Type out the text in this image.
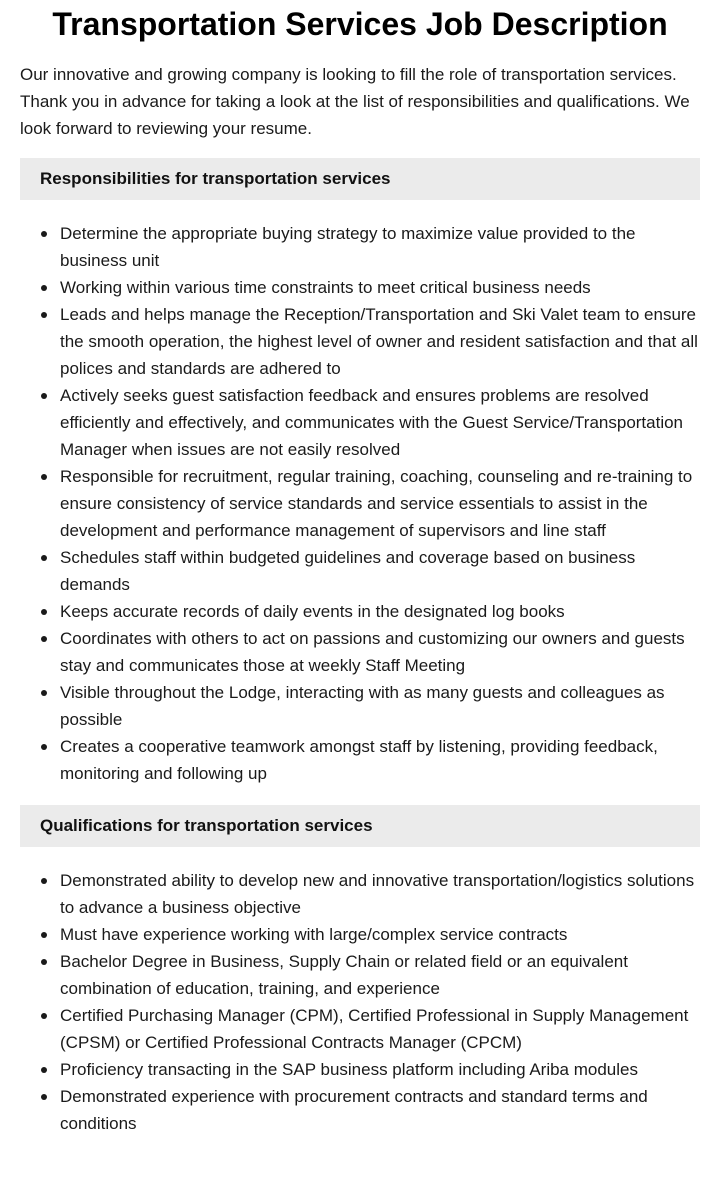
Transportation Services Job Description

Our innovative and growing company is looking to fill the role of transportation services. Thank you in advance for taking a look at the list of responsibilities and qualifications. We look forward to reviewing your resume.

Responsibilities for transportation services
Determine the appropriate buying strategy to maximize value provided to the business unit
Working within various time constraints to meet critical business needs
Leads and helps manage the Reception/Transportation and Ski Valet team to ensure the smooth operation, the highest level of owner and resident satisfaction and that all polices and standards are adhered to
Actively seeks guest satisfaction feedback and ensures problems are resolved efficiently and effectively, and communicates with the Guest Service/Transportation Manager when issues are not easily resolved
Responsible for recruitment, regular training, coaching, counseling and re-training to ensure consistency of service standards and service essentials to assist in the development and performance management of supervisors and line staff
Schedules staff within budgeted guidelines and coverage based on business demands
Keeps accurate records of daily events in the designated log books
Coordinates with others to act on passions and customizing our owners and guests stay and communicates those at weekly Staff Meeting
Visible throughout the Lodge, interacting with as many guests and colleagues as possible
Creates a cooperative teamwork amongst staff by listening, providing feedback, monitoring and following up
Qualifications for transportation services
Demonstrated ability to develop new and innovative transportation/logistics solutions to advance a business objective
Must have experience working with large/complex service contracts
Bachelor Degree in Business, Supply Chain or related field or an equivalent combination of education, training, and experience
Certified Purchasing Manager (CPM), Certified Professional in Supply Management (CPSM) or Certified Professional Contracts Manager (CPCM)
Proficiency transacting in the SAP business platform including Ariba modules
Demonstrated experience with procurement contracts and standard terms and conditions
